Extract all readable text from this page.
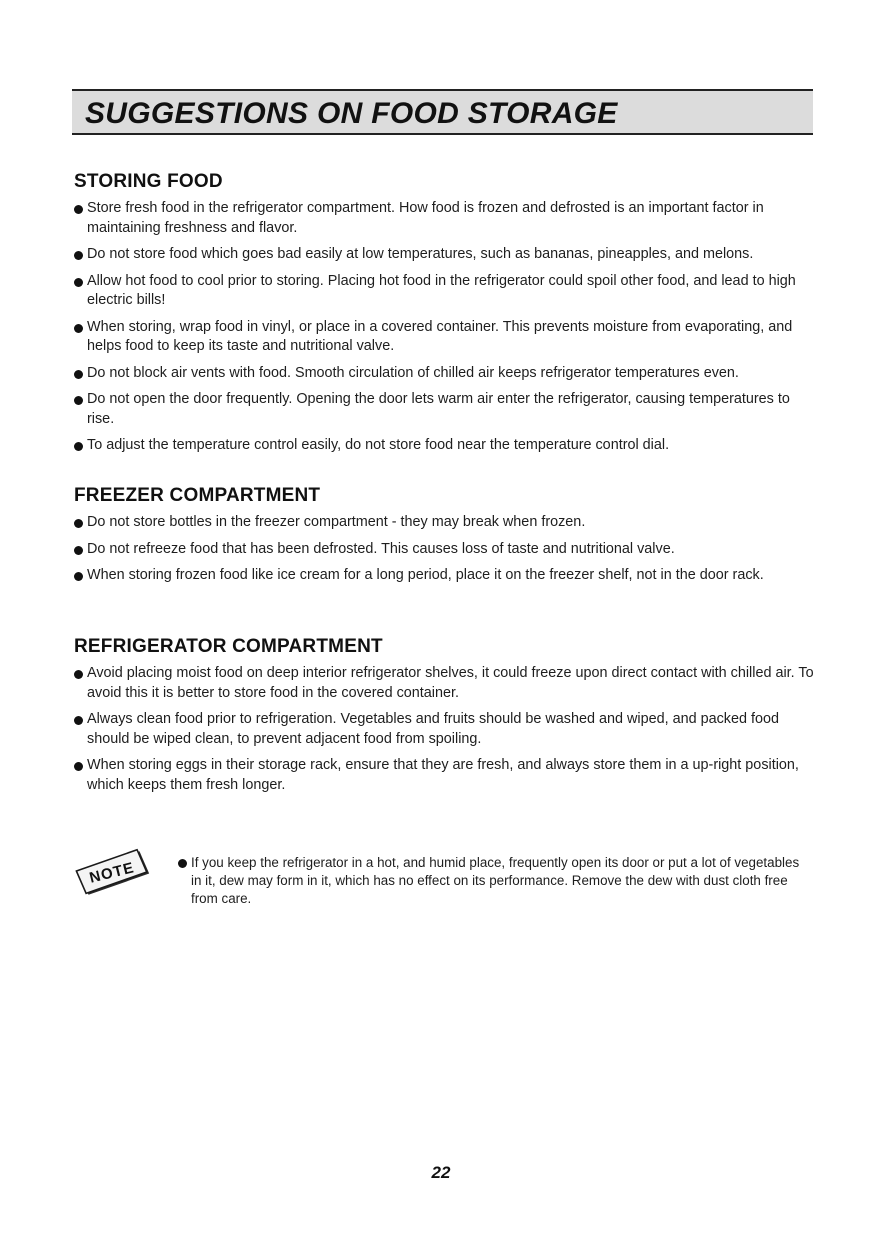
SUGGESTIONS ON FOOD STORAGE
STORING FOOD
Store fresh food in the refrigerator compartment. How food is frozen and defrosted is an important factor in maintaining freshness and flavor.
Do not store food which goes bad easily at low temperatures, such as bananas, pineapples, and melons.
Allow hot food to cool prior to storing. Placing hot food in the refrigerator could spoil other food, and lead to high electric bills!
When storing, wrap food in vinyl, or place in a covered container. This prevents moisture from evaporating, and helps food to keep its taste and nutritional valve.
Do not block air vents with food. Smooth circulation of chilled air keeps refrigerator temperatures even.
Do not open the door frequently. Opening the door lets warm air enter the refrigerator, causing temperatures to rise.
To adjust the temperature control easily, do not store food near the temperature control dial.
FREEZER COMPARTMENT
Do not store bottles in the freezer compartment - they may break when frozen.
Do not refreeze food that has been defrosted. This causes loss of taste and nutritional valve.
When storing frozen food like ice cream for a long period, place it on the freezer shelf, not in the door rack.
REFRIGERATOR COMPARTMENT
Avoid placing moist food on deep interior refrigerator shelves, it could freeze upon direct contact with chilled air. To avoid this it is better to store food in the covered container.
Always clean food prior to refrigeration. Vegetables and fruits should be washed and wiped, and packed food should be wiped clean, to prevent adjacent food from spoiling.
When storing eggs in their storage rack, ensure that they are fresh, and always store them in a up-right position, which keeps them fresh longer.
NOTE	If you keep the refrigerator in a hot, and humid place, frequently open its door or put a lot of vegetables in it, dew may form in it, which has no effect on its performance. Remove the dew with dust cloth free from care.
22
